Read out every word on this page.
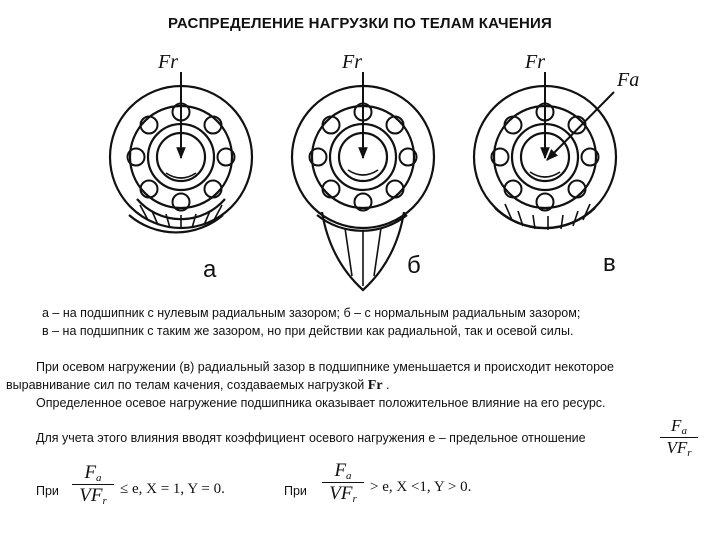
РАСПРЕДЕЛЕНИЕ НАГРУЗКИ ПО ТЕЛАМ КАЧЕНИЯ
Fr	Fr	Fr
Fa
а	б	в
а – на подшипник с нулевым радиальным зазором; б – с нормальным радиальным зазором;
в – на подшипник с таким же зазором, но при действии как радиальной, так и осевой силы.
При осевом нагружении (в) радиальный зазор в подшипнике уменьшается и происходит некоторое
выравнивание сил по телам качения, создаваемых нагрузкой Fr .
Определенное осевое нагружение подшипника оказывает положительное влияние на его ресурс.
Для учета этого влияния вводят коэффициент осевого нагружения е – предельное отношение
$F_a$
$VF_r$
При
$F_a$
$VF_r$
≤ e, X = 1, Y = 0.	При
$F_a$
$VF_r$
> e, X <1, Y > 0.
